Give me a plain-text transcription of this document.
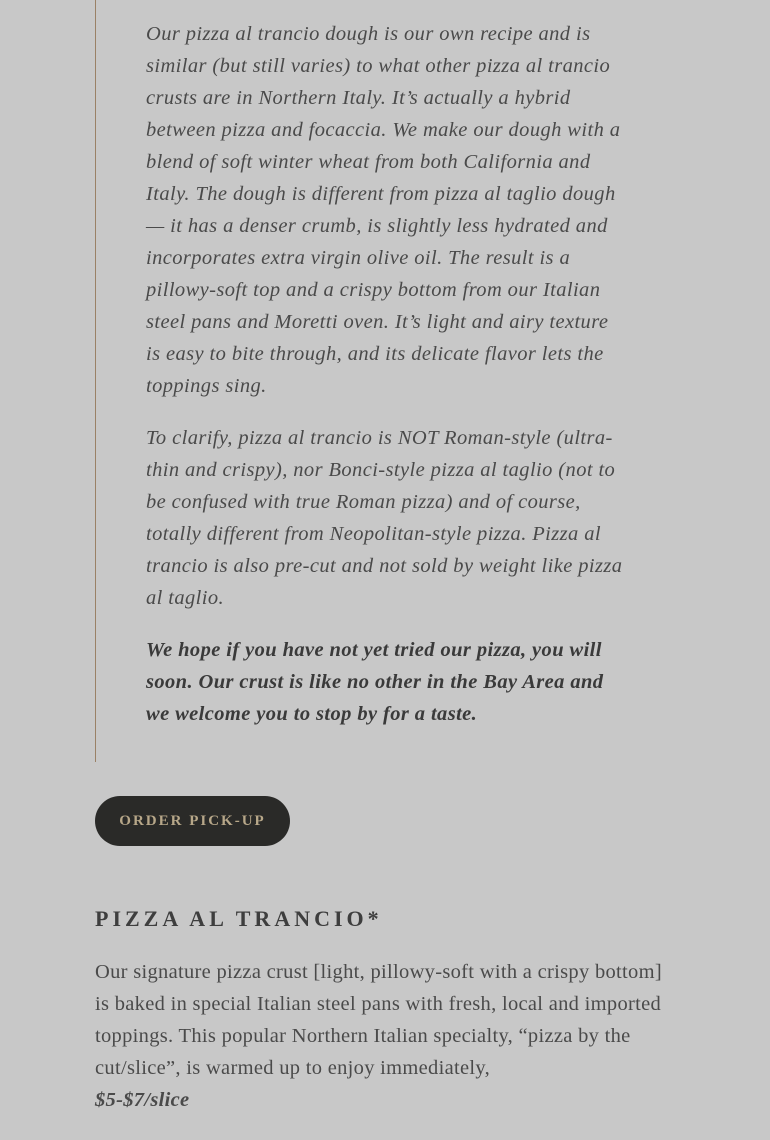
Our pizza al trancio dough is our own recipe and is similar (but still varies) to what other pizza al trancio crusts are in Northern Italy. It’s actually a hybrid between pizza and focaccia. We make our dough with a blend of soft winter wheat from both California and Italy. The dough is different from pizza al taglio dough — it has a denser crumb, is slightly less hydrated and incorporates extra virgin olive oil. The result is a pillowy-soft top and a crispy bottom from our Italian steel pans and Moretti oven. It’s light and airy texture is easy to bite through, and its delicate flavor lets the toppings sing.

To clarify, pizza al trancio is NOT Roman-style (ultra-thin and crispy), nor Bonci-style pizza al taglio (not to be confused with true Roman pizza) and of course, totally different from Neopolitan-style pizza. Pizza al trancio is also pre-cut and not sold by weight like pizza al taglio.

We hope if you have not yet tried our pizza, you will soon. Our crust is like no other in the Bay Area and we welcome you to stop by for a taste.

ORDER PICK-UP
PIZZA AL TRANCIO*

Our signature pizza crust [light, pillowy-soft with a crispy bottom] is baked in special Italian steel pans with fresh, local and imported toppings. This popular Northern Italian specialty, “pizza by the cut/slice”, is warmed up to enjoy immediately,
$5-$7/slice
